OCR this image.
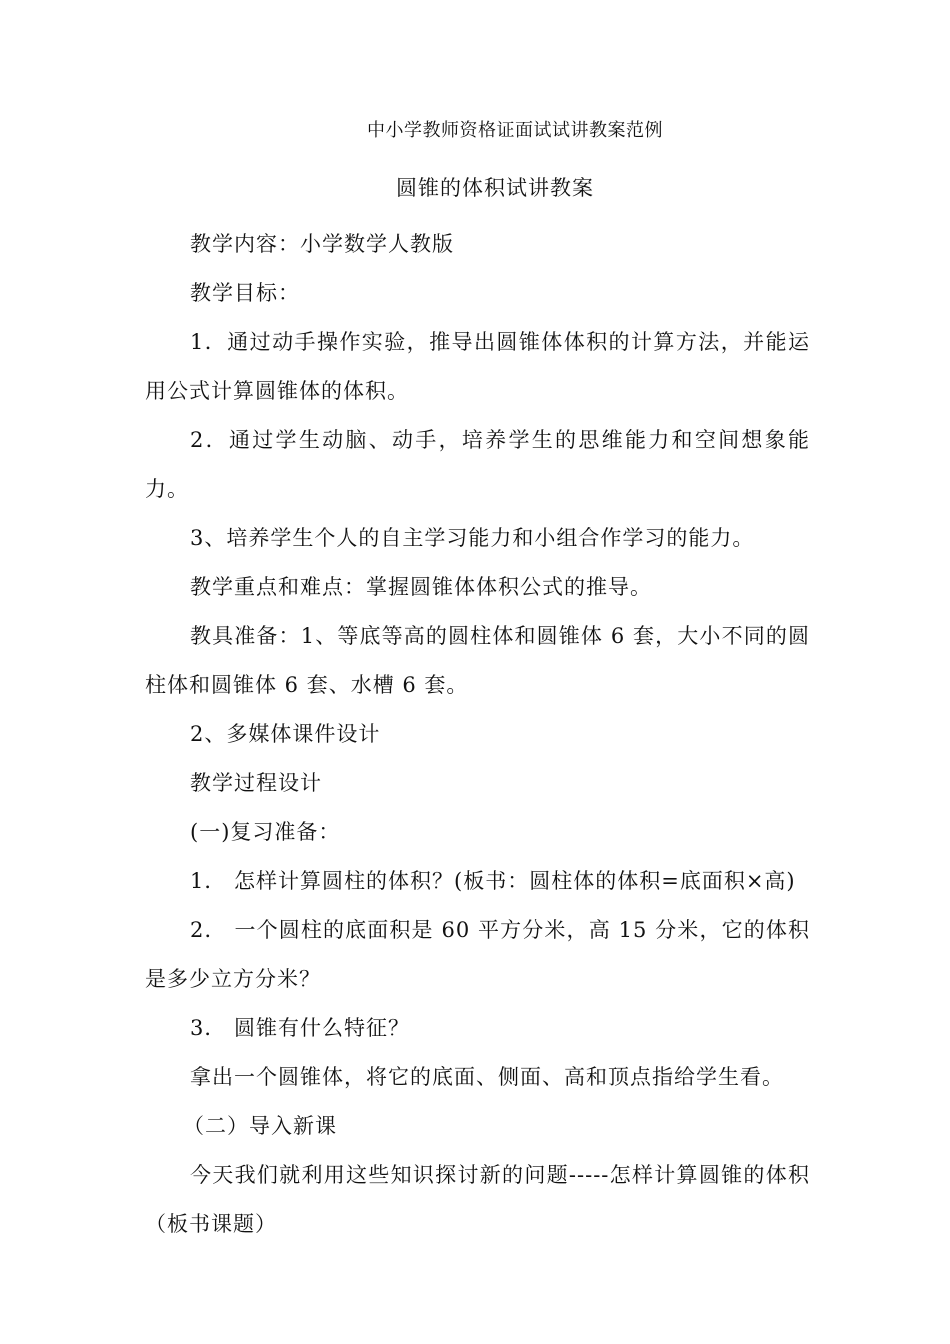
中小学教师资格证面试试讲教案范例
圆锥的体积试讲教案

教学内容：小学数学人教版

教学目标：

1．通过动手操作实验，推导出圆锥体体积的计算方法，并能运用公式计算圆锥体的体积。

2．通过学生动脑、动手，培养学生的思维能力和空间想象能力。

3、培养学生个人的自主学习能力和小组合作学习的能力。

教学重点和难点：掌握圆锥体体积公式的推导。

教具准备：1、等底等高的圆柱体和圆锥体 6 套，大小不同的圆柱体和圆锥体 6 套、水槽 6 套。

2、多媒体课件设计

教学过程设计

(一)复习准备：

1． 怎样计算圆柱的体积？(板书：圆柱体的体积=底面积×高)

2． 一个圆柱的底面积是 60 平方分米，高 15 分米，它的体积是多少立方分米？

3． 圆锥有什么特征？

拿出一个圆锥体，将它的底面、侧面、高和顶点指给学生看。

（二）导入新课

今天我们就利用这些知识探讨新的问题-----怎样计算圆锥的体积（板书课题）
